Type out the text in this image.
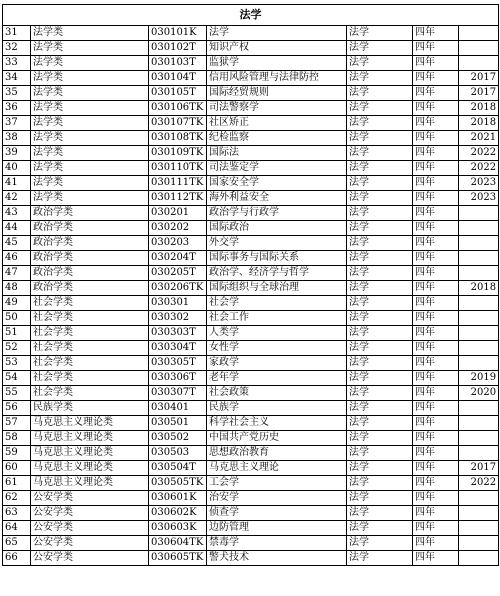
法学						
31	法学类	030101K	法学	法学	四年	
32	法学类	030102T	知识产权	法学	四年	
33	法学类	030103T	监狱学	法学	四年	
34	法学类	030104T	信用风险管理与法律防控	法学	四年	2017
35	法学类	030105T	国际经贸规则	法学	四年	2017
36	法学类	030106TK	司法警察学	法学	四年	2018
37	法学类	030107TK	社区矫正	法学	四年	2018
38	法学类	030108TK	纪检监察	法学	四年	2021
39	法学类	030109TK	国际法	法学	四年	2022
40	法学类	030110TK	司法鉴定学	法学	四年	2022
41	法学类	030111TK	国家安全学	法学	四年	2023
42	法学类	030112TK	海外利益安全	法学	四年	2023
43	政治学类	030201	政治学与行政学	法学	四年	
44	政治学类	030202	国际政治	法学	四年	
45	政治学类	030203	外交学	法学	四年	
46	政治学类	030204T	国际事务与国际关系	法学	四年	
47	政治学类	030205T	政治学、经济学与哲学	法学	四年	
48	政治学类	030206TK	国际组织与全球治理	法学	四年	2018
49	社会学类	030301	社会学	法学	四年	
50	社会学类	030302	社会工作	法学	四年	
51	社会学类	030303T	人类学	法学	四年	
52	社会学类	030304T	女性学	法学	四年	
53	社会学类	030305T	家政学	法学	四年	
54	社会学类	030306T	老年学	法学	四年	2019
55	社会学类	030307T	社会政策	法学	四年	2020
56	民族学类	030401	民族学	法学	四年	
57	马克思主义理论类	030501	科学社会主义	法学	四年	
58	马克思主义理论类	030502	中国共产党历史	法学	四年	
59	马克思主义理论类	030503	思想政治教育	法学	四年	
60	马克思主义理论类	030504T	马克思主义理论	法学	四年	2017
61	马克思主义理论类	030505TK	工会学	法学	四年	2022
62	公安学类	030601K	治安学	法学	四年	
63	公安学类	030602K	侦查学	法学	四年	
64	公安学类	030603K	边防管理	法学	四年	
65	公安学类	030604TK	禁毒学	法学	四年	
66	公安学类	030605TK	警犬技术	法学	四年	
